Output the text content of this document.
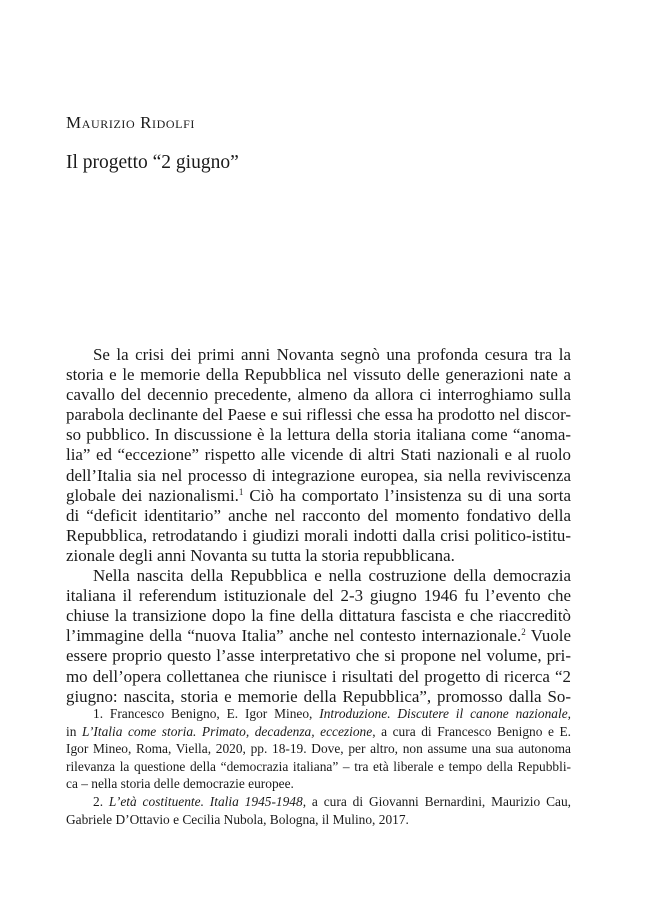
Maurizio Ridolfi
Il progetto “2 giugno”
Se la crisi dei primi anni Novanta segnò una profonda cesura tra la
storia e le memorie della Repubblica nel vissuto delle generazioni nate a
cavallo del decennio precedente, almeno da allora ci interroghiamo sulla
parabola declinante del Paese e sui riflessi che essa ha prodotto nel discor-
so pubblico. In discussione è la lettura della storia italiana come “anoma-
lia” ed “eccezione” rispetto alle vicende di altri Stati nazionali e al ruolo
dell’Italia sia nel processo di integrazione europea, sia nella reviviscenza
globale dei nazionalismi.$^1$ Ciò ha comportato l’insistenza su di una sorta
di “deficit identitario” anche nel racconto del momento fondativo della
Repubblica, retrodatando i giudizi morali indotti dalla crisi politico-istitu-
zionale degli anni Novanta su tutta la storia repubblicana.
Nella nascita della Repubblica e nella costruzione della democrazia
italiana il referendum istituzionale del 2-3 giugno 1946 fu l’evento che
chiuse la transizione dopo la fine della dittatura fascista e che riaccreditò
l’immagine della “nuova Italia” anche nel contesto internazionale.$^2$ Vuole
essere proprio questo l’asse interpretativo che si propone nel volume, pri-
mo dell’opera collettanea che riunisce i risultati del progetto di ricerca “2
giugno: nascita, storia e memorie della Repubblica”, promosso dalla So-
1. Francesco Benigno, E. Igor Mineo, Introduzione. Discutere il canone nazionale,
in L’Italia come storia. Primato, decadenza, eccezione, a cura di Francesco Benigno e E.
Igor Mineo, Roma, Viella, 2020, pp. 18-19. Dove, per altro, non assume una sua autonoma
rilevanza la questione della “democrazia italiana” – tra età liberale e tempo della Repubbli-
ca – nella storia delle democrazie europee.
2. L’età costituente. Italia 1945-1948, a cura di Giovanni Bernardini, Maurizio Cau,
Gabriele D’Ottavio e Cecilia Nubola, Bologna, il Mulino, 2017.
